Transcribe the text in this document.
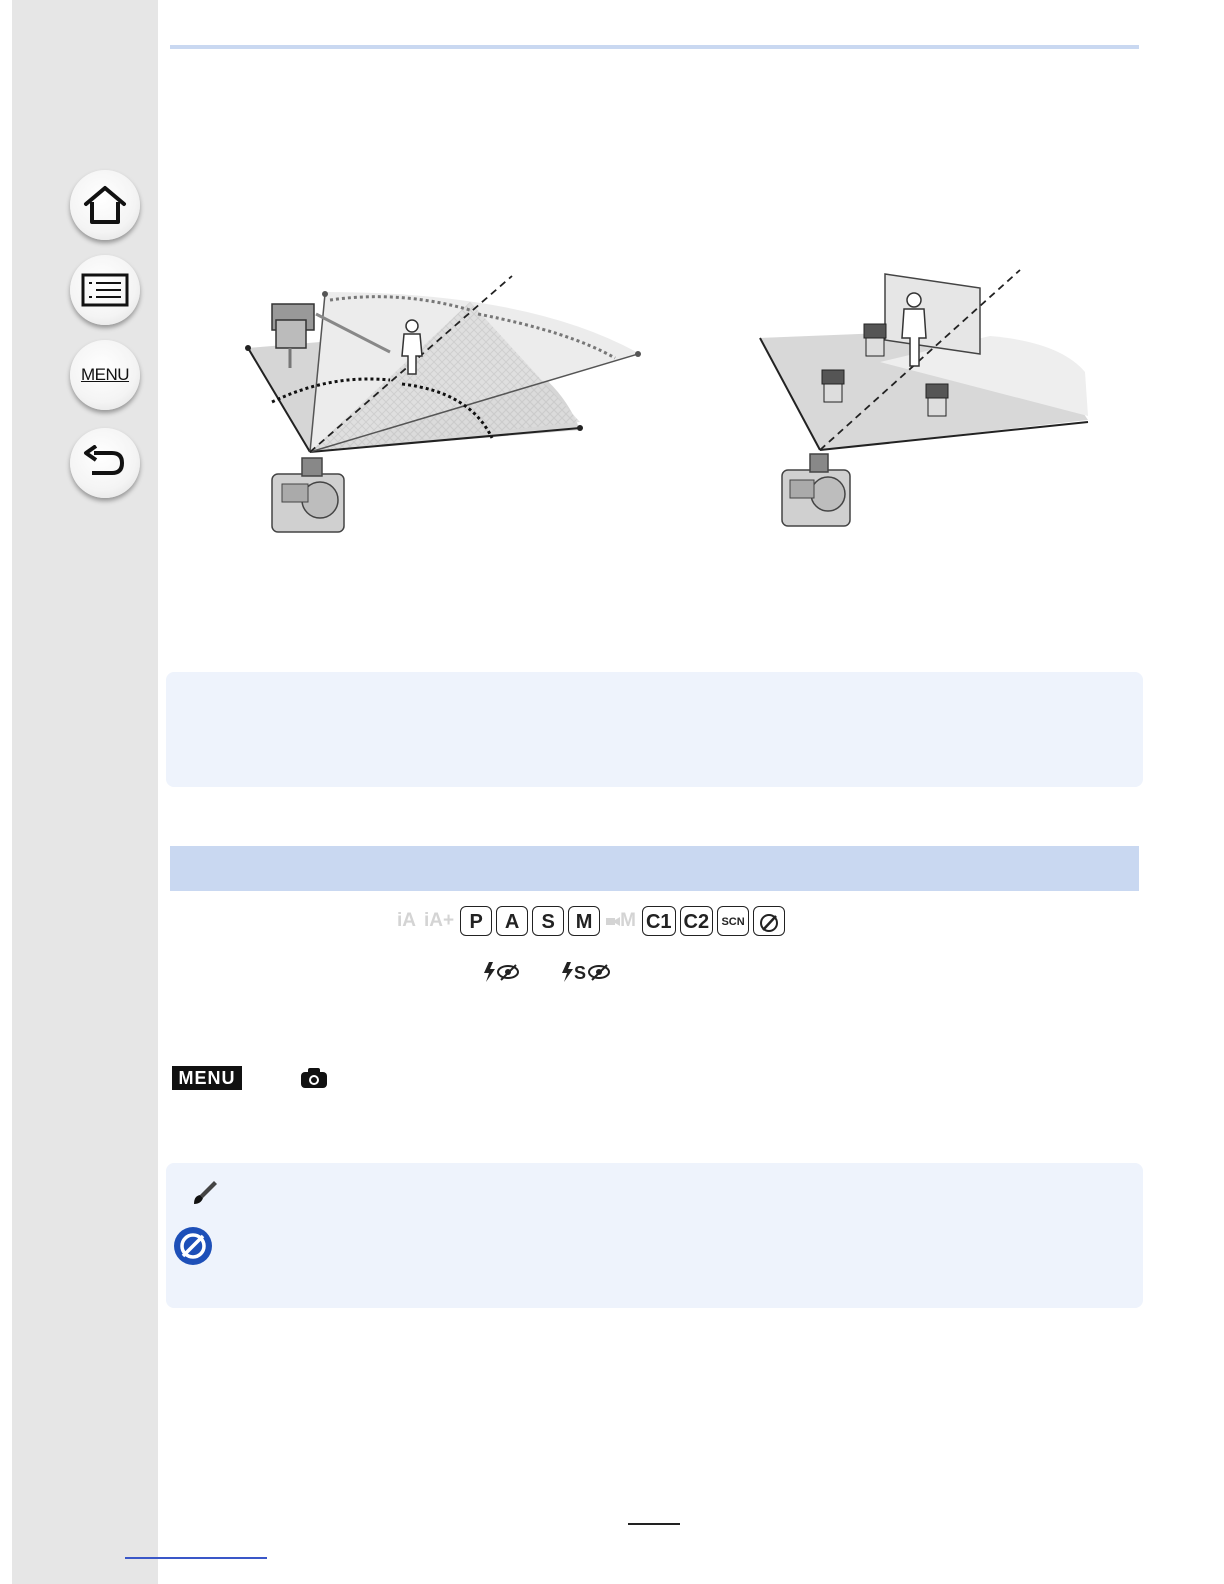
MENU
iA iA+ P	A	S	M	M C1 C2	SCN
S
MENU
